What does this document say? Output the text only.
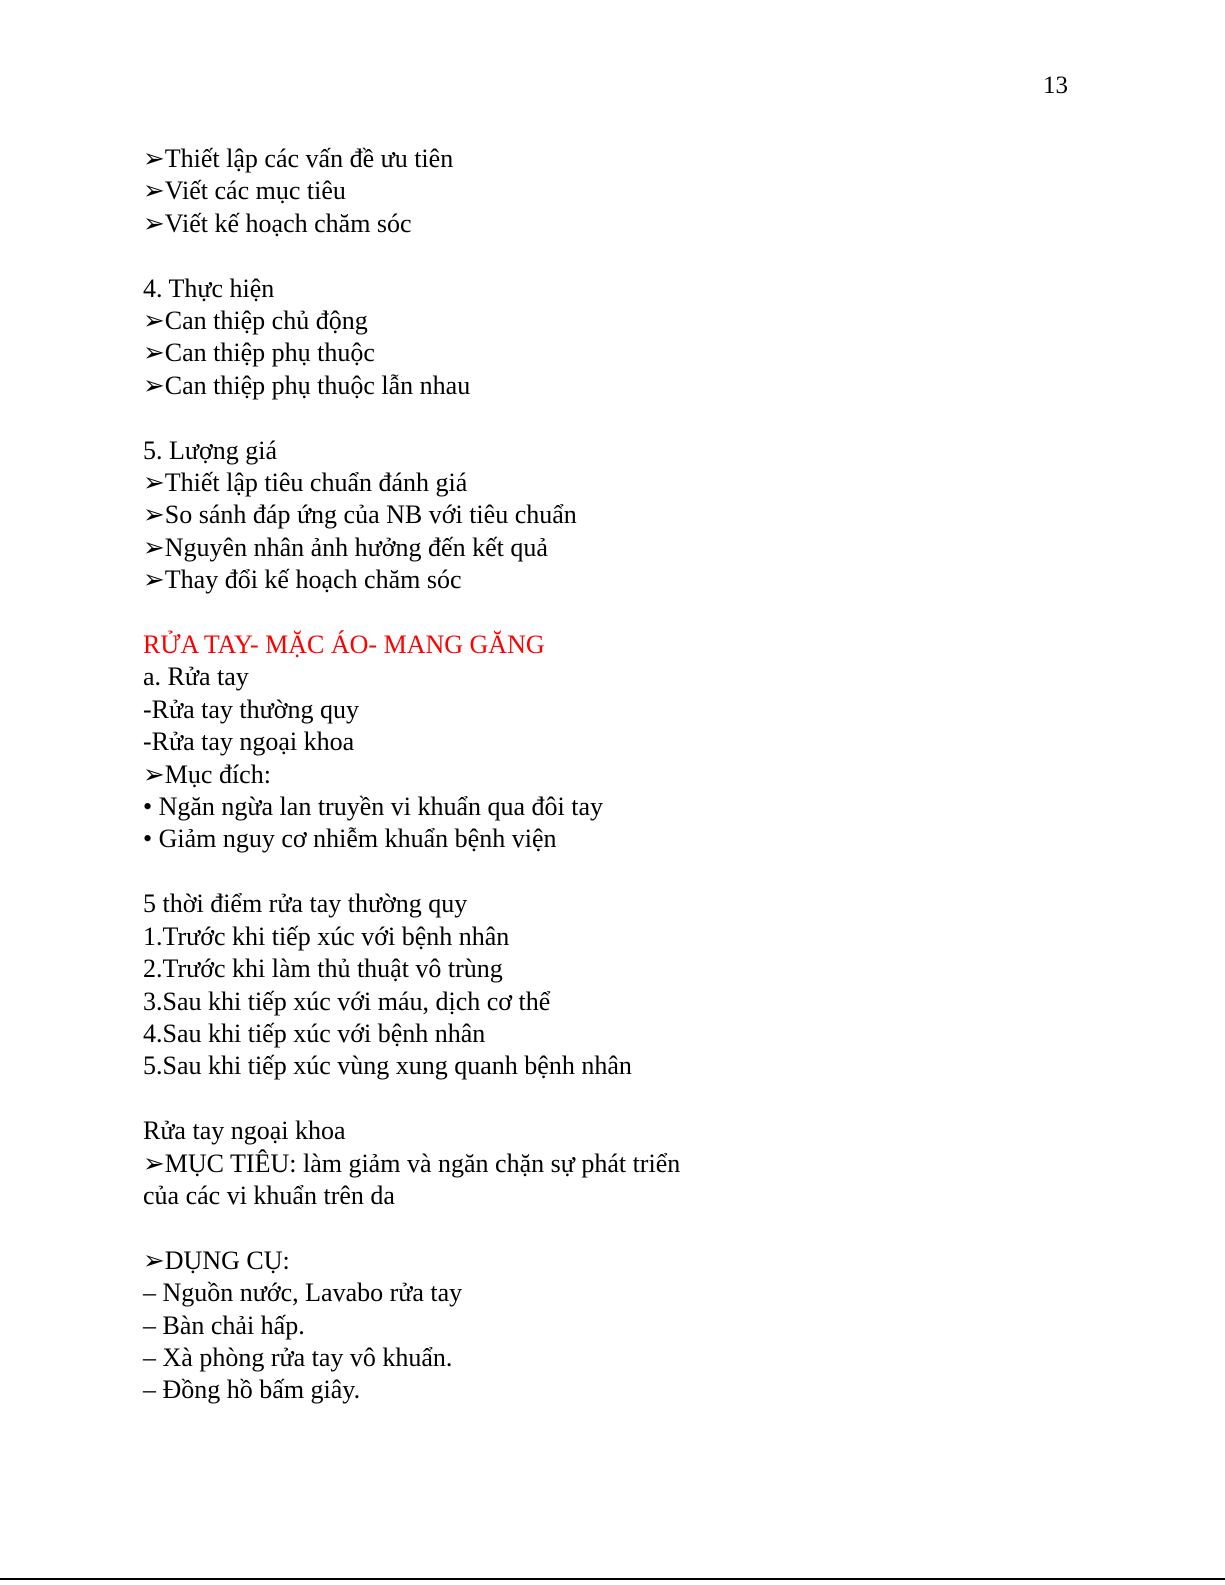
13
➢Thiết lập các vấn đề ưu tiên
➢Viết các mục tiêu
➢Viết kế hoạch chăm sóc
4. Thực hiện
➢Can thiệp chủ động
➢Can thiệp phụ thuộc
➢Can thiệp phụ thuộc lẫn nhau
5. Lượng giá
➢Thiết lập tiêu chuẩn đánh giá
➢So sánh đáp ứng của NB với tiêu chuẩn
➢Nguyên nhân ảnh hưởng đến kết quả
➢Thay đổi kế hoạch chăm sóc
RỬA TAY- MẶC ÁO- MANG GĂNG
a. Rửa tay
-Rửa tay thường quy
-Rửa tay ngoại khoa
➢Mục đích:
• Ngăn ngừa lan truyền vi khuẩn qua đôi tay
• Giảm nguy cơ nhiễm khuẩn bệnh viện
5 thời điểm rửa tay thường quy
1.Trước khi tiếp xúc với bệnh nhân
2.Trước khi làm thủ thuật vô trùng
3.Sau khi tiếp xúc với máu, dịch cơ thể
4.Sau khi tiếp xúc với bệnh nhân
5.Sau khi tiếp xúc vùng xung quanh bệnh nhân
Rửa tay ngoại khoa
➢MỤC TIÊU: làm giảm và ngăn chặn sự phát triển
của các vi khuẩn trên da
➢DỤNG CỤ:
– Nguồn nước, Lavabo rửa tay
– Bàn chải hấp.
– Xà phòng rửa tay vô khuẩn.
– Đồng hồ bấm giây.
